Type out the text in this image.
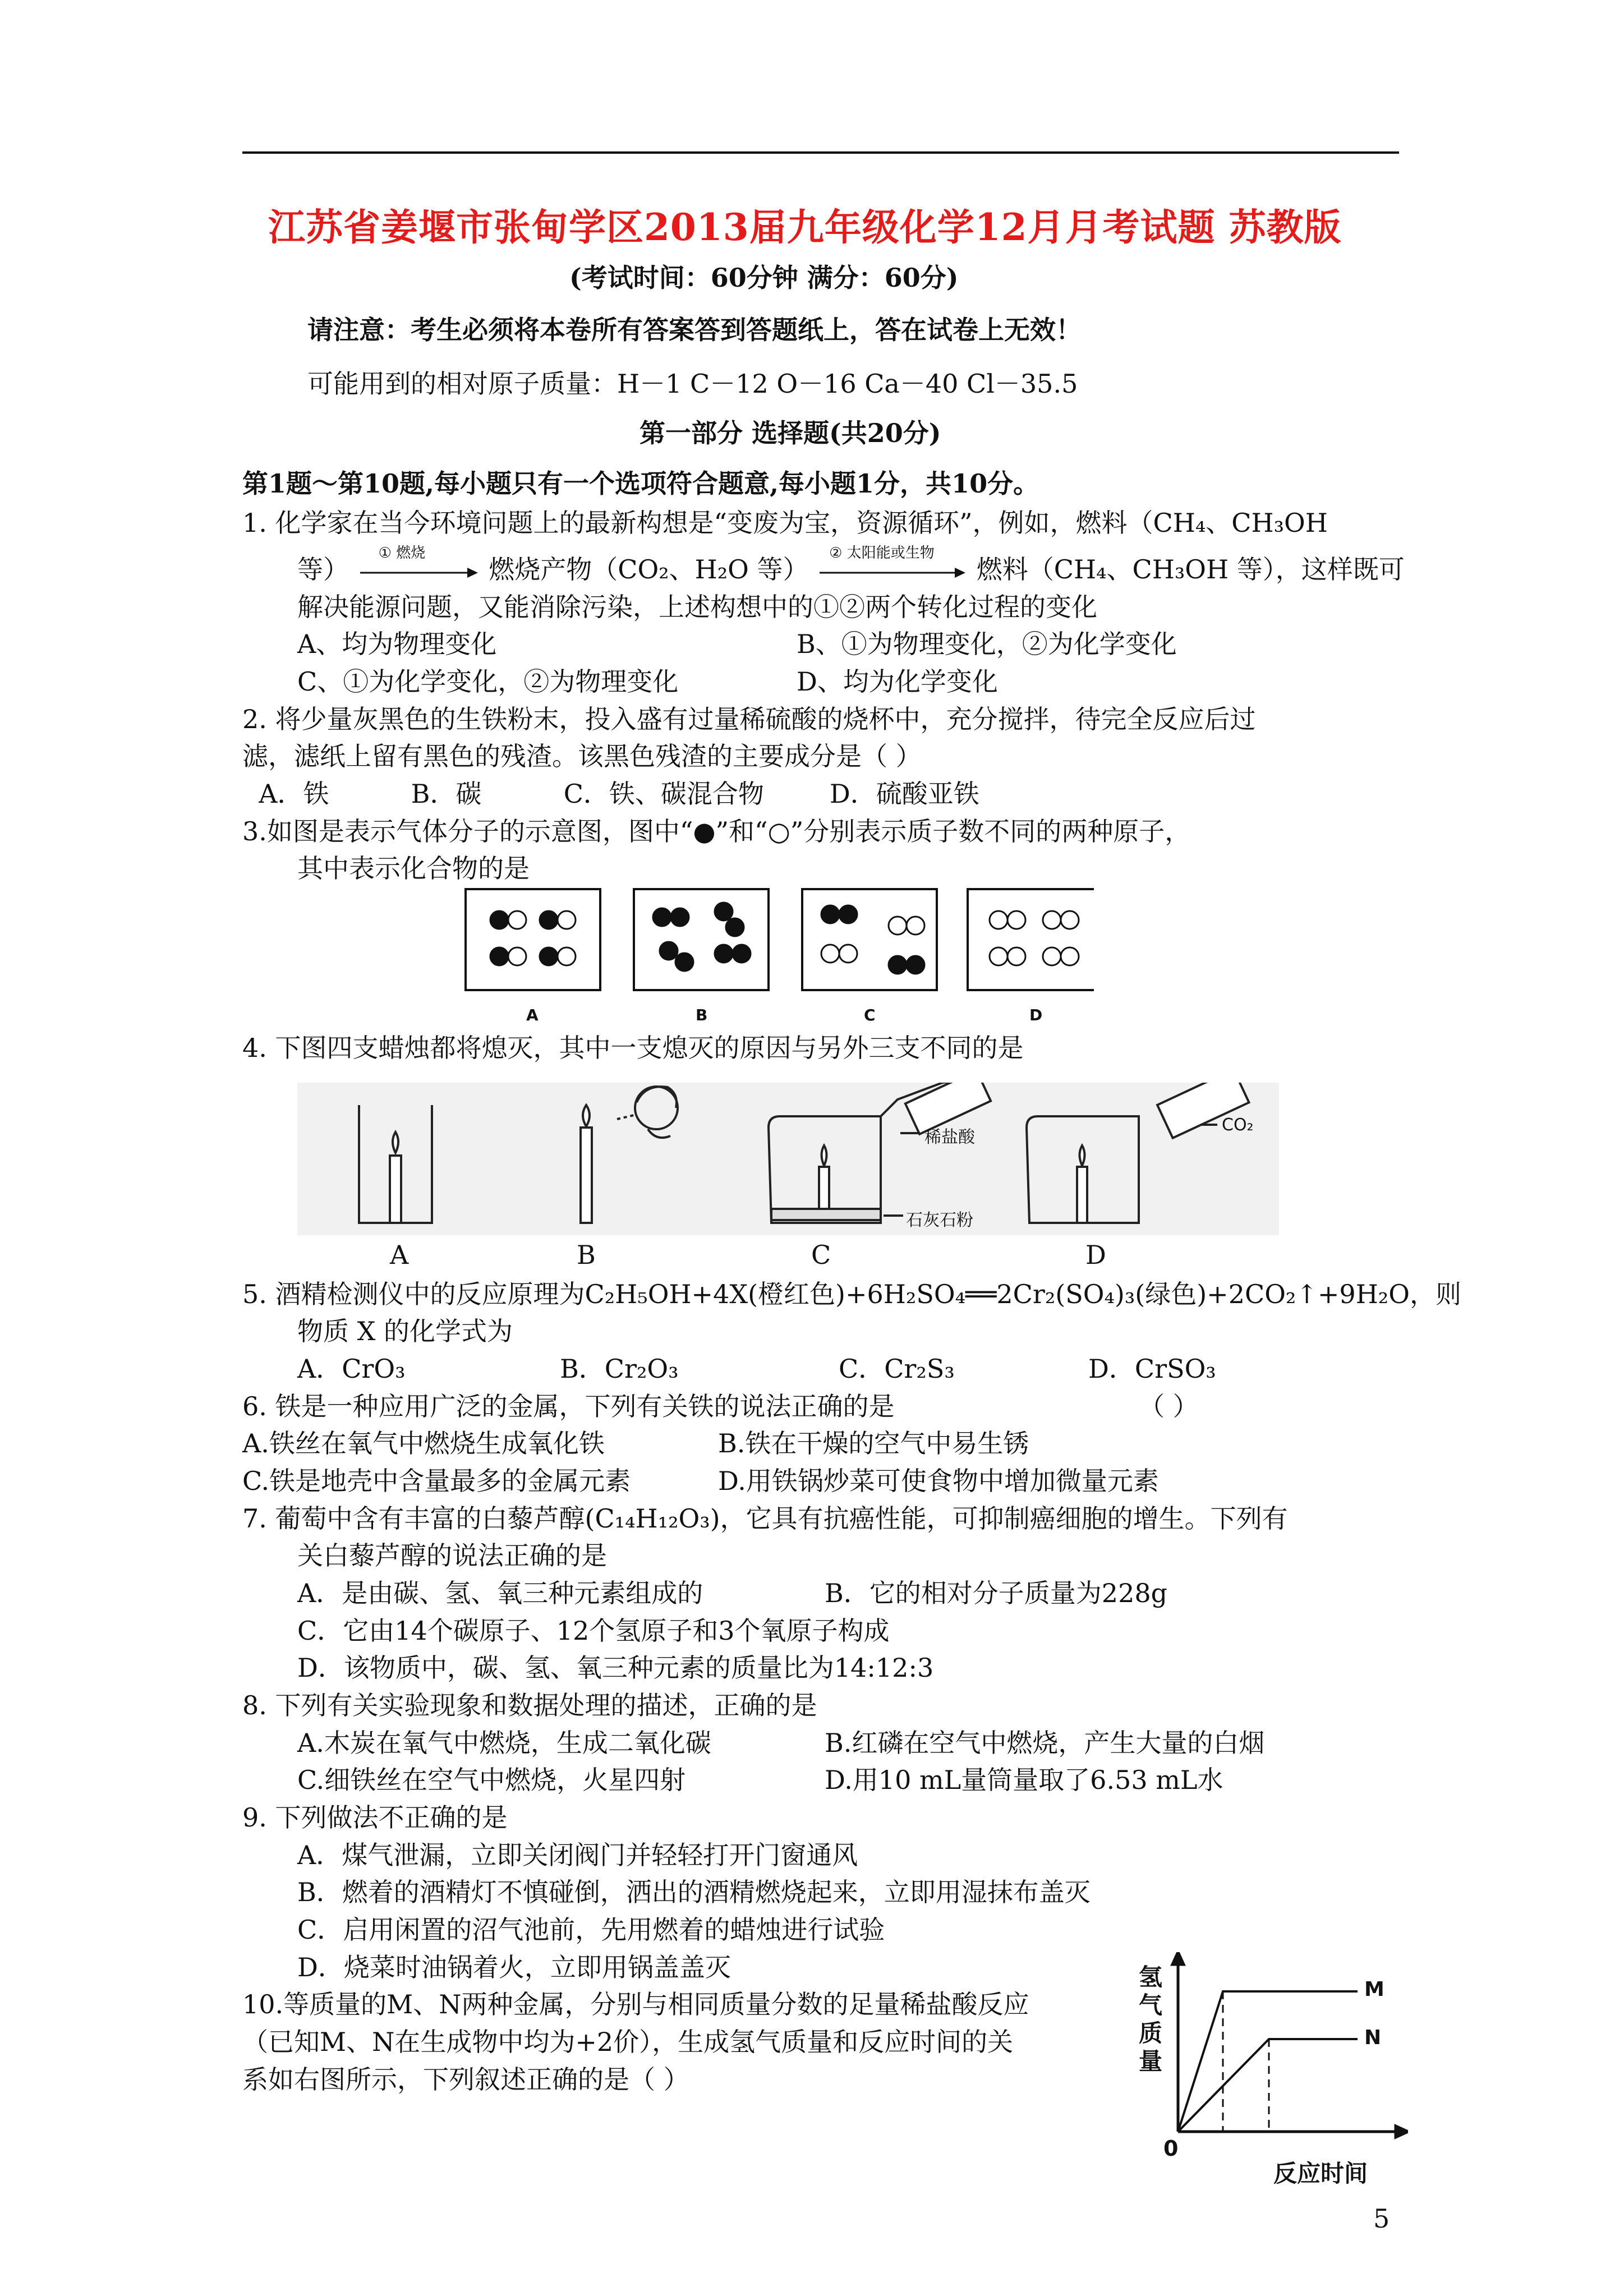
江苏省姜堰市张甸学区2013届九年级化学12月月考试题 苏教版
(考试时间：60分钟 满分：60分)
请注意：考生必须将本卷所有答案答到答题纸上，答在试卷上无效！
可能用到的相对原子质量：H－1 C－12 O－16 Ca－40 Cl－35.5
第一部分 选择题(共20分)
第1题～第10题,每小题只有一个选项符合题意,每小题1分，共10分。
1. 化学家在当今环境问题上的最新构想是“变废为宝，资源循环”，例如，燃料（CH₄、CH₃OH
等）
① 燃烧
燃烧产物（CO₂、H₂O 等）
② 太阳能或生物
燃料（CH₄、CH₃OH 等），这样既可
解决能源问题，又能消除污染，上述构想中的①②两个转化过程的变化
A、均为物理变化	B、①为物理变化，②为化学变化
C、①为化学变化，②为物理变化	D、均为化学变化
2. 将少量灰黑色的生铁粉末，投入盛有过量稀硫酸的烧杯中，充分搅拌，待完全反应后过
滤，滤纸上留有黑色的残渣。该黑色残渣的主要成分是（ ）
A．铁          B．碳          C．铁、碳混合物        D．硫酸亚铁
3.如图是表示气体分子的示意图，图中“●”和“○”分别表示质子数不同的两种原子，
其中表示化合物的是
A	B	C	D
4. 下图四支蜡烛都将熄灭，其中一支熄灭的原因与另外三支不同的是
稀盐酸
石灰石粉
CO₂
A	B	C	D
5. 酒精检测仪中的反应原理为C₂H₅OH+4X(橙红色)+6H₂SO₄══2Cr₂(SO₄)₃(绿色)+2CO₂↑+9H₂O，则
物质 X 的化学式为
A．CrO₃	B．Cr₂O₃	C．Cr₂S₃	D．CrSO₃
6. 铁是一种应用广泛的金属，下列有关铁的说法正确的是	（ ）
A.铁丝在氧气中燃烧生成氧化铁	B.铁在干燥的空气中易生锈
C.铁是地壳中含量最多的金属元素	D.用铁锅炒菜可使食物中增加微量元素
7. 葡萄中含有丰富的白藜芦醇(C₁₄H₁₂O₃)，它具有抗癌性能，可抑制癌细胞的增生。下列有
关白藜芦醇的说法正确的是
A．是由碳、氢、氧三种元素组成的	B．它的相对分子质量为228g
C．它由14个碳原子、12个氢原子和3个氧原子构成
D．该物质中，碳、氢、氧三种元素的质量比为14:12:3
8. 下列有关实验现象和数据处理的描述，正确的是
A.木炭在氧气中燃烧，生成二氧化碳	B.红磷在空气中燃烧，产生大量的白烟
C.细铁丝在空气中燃烧，火星四射	D.用10 mL量筒量取了6.53 mL水
9. 下列做法不正确的是
A．煤气泄漏，立即关闭阀门并轻轻打开门窗通风
B．燃着的酒精灯不慎碰倒，洒出的酒精燃烧起来，立即用湿抹布盖灭
C．启用闲置的沼气池前，先用燃着的蜡烛进行试验
D．烧菜时油锅着火，立即用锅盖盖灭
10.等质量的M、N两种金属，分别与相同质量分数的足量稀盐酸反应
（已知M、N在生成物中均为+2价），生成氢气质量和反应时间的关
系如右图所示，下列叙述正确的是（ ）
氢气质量
0
反应时间
M
N
5
